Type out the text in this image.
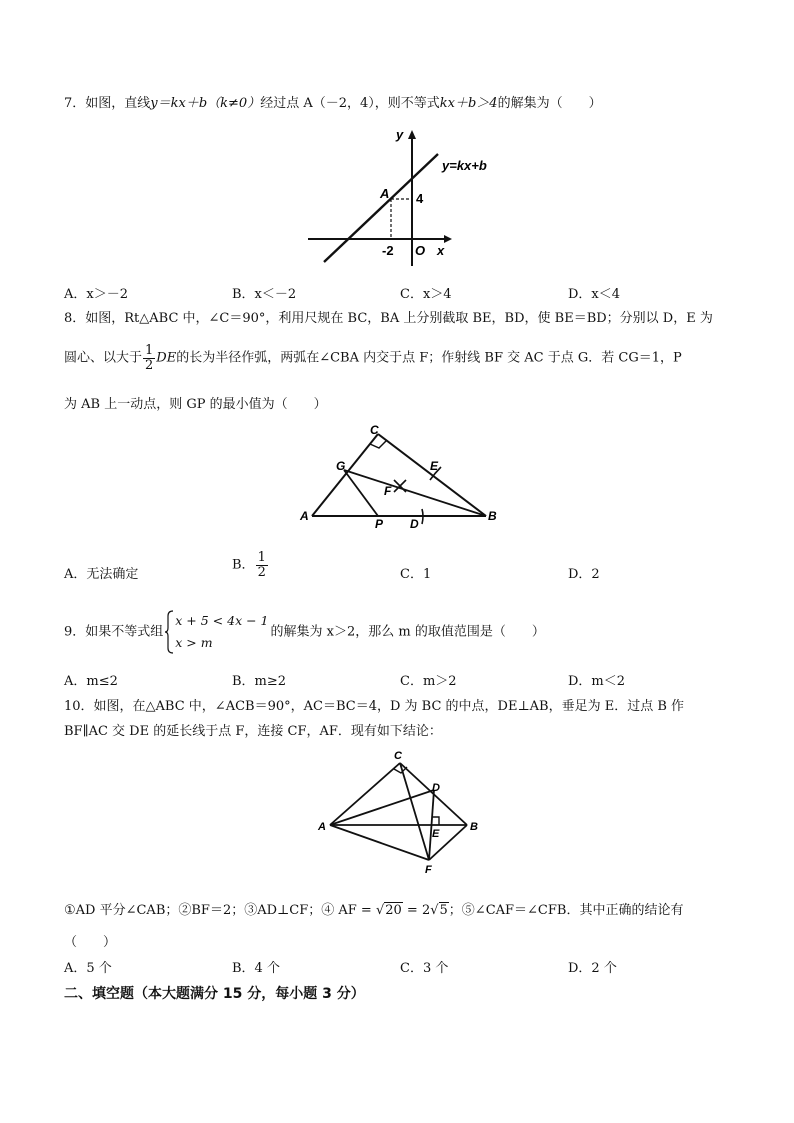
7．如图，直线y＝kx＋b（k≠0）经过点 A（－2，4），则不等式kx＋b＞4的解集为（　　）
y
x
y=kx+b
A 4
-2 O
A．x＞－2	B．x＜－2	C．x＞4	D．x＜4
8．如图，Rt△ABC 中，∠C＝90°，利用尺规在 BC，BA 上分别截取 BE，BD，使 BE＝BD；分别以 D，E 为
圆心、以大于 $\frac{1}{2}$ DE的长为半径作弧，两弧在∠CBA 内交于点 F；作射线 BF 交 AC 于点 G．若 CG＝1，P
为 AB 上一动点，则 GP 的最小值为（　　）
C
G	E
F
A
P D
B
A．无法确定
B． $\frac{1}{2}$	C．1	D．2
9．如果不等式组
x + 5 < 4x − 1
x > m
的解集为 x＞2，那么 m 的取值范围是（　　）
A．m≤2	B．m≥2	C．m＞2	D．m＜2
10．如图，在△ABC 中，∠ACB＝90°，AC＝BC＝4，D 为 BC 的中点，DE⊥AB，垂足为 E．过点 B 作
BF∥AC 交 DE 的延长线于点 F，连接 CF，AF．现有如下结论：
C
D
A
E
B
F
①AD 平分∠CAB；②BF＝2；③AD⊥CF；④ AF = √20 = 2√5；⑤∠CAF＝∠CFB．其中正确的结论有
（　　）
A．5 个	B．4 个	C．3 个	D．2 个
二、填空题（本大题满分 15 分，每小题 3 分）
